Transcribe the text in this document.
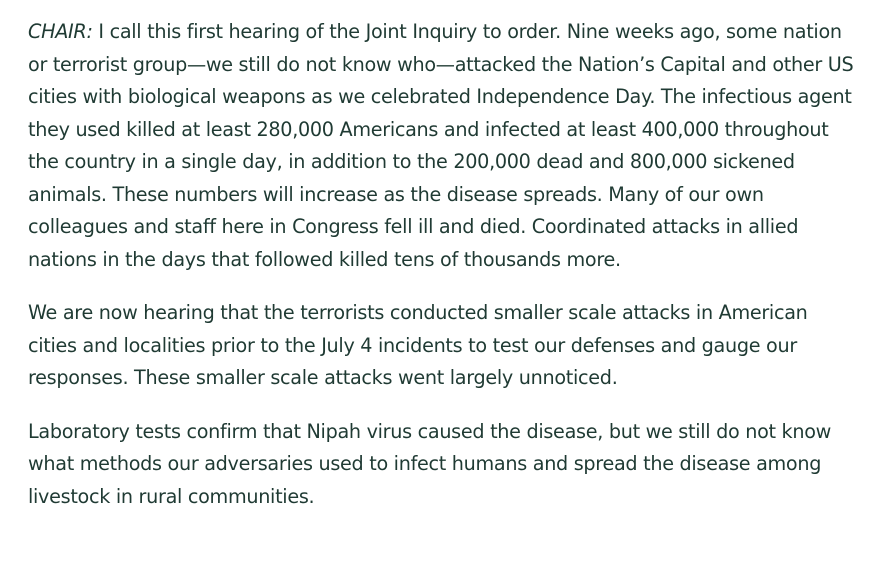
CHAIR: I call this first hearing of the Joint Inquiry to order. Nine weeks ago, some nation or terrorist group—we still do not know who—attacked the Nation’s Capital and other US cities with biological weapons as we celebrated Independence Day. The infectious agent they used killed at least 280,000 Americans and infected at least 400,000 throughout the country in a single day, in addition to the 200,000 dead and 800,000 sickened animals. These numbers will increase as the disease spreads. Many of our own colleagues and staff here in Congress fell ill and died. Coordinated attacks in allied nations in the days that followed killed tens of thousands more.

We are now hearing that the terrorists conducted smaller scale attacks in American cities and localities prior to the July 4 incidents to test our defenses and gauge our responses. These smaller scale attacks went largely unnoticed.

Laboratory tests confirm that Nipah virus caused the disease, but we still do not know what methods our adversaries used to infect humans and spread the disease among livestock in rural communities.
